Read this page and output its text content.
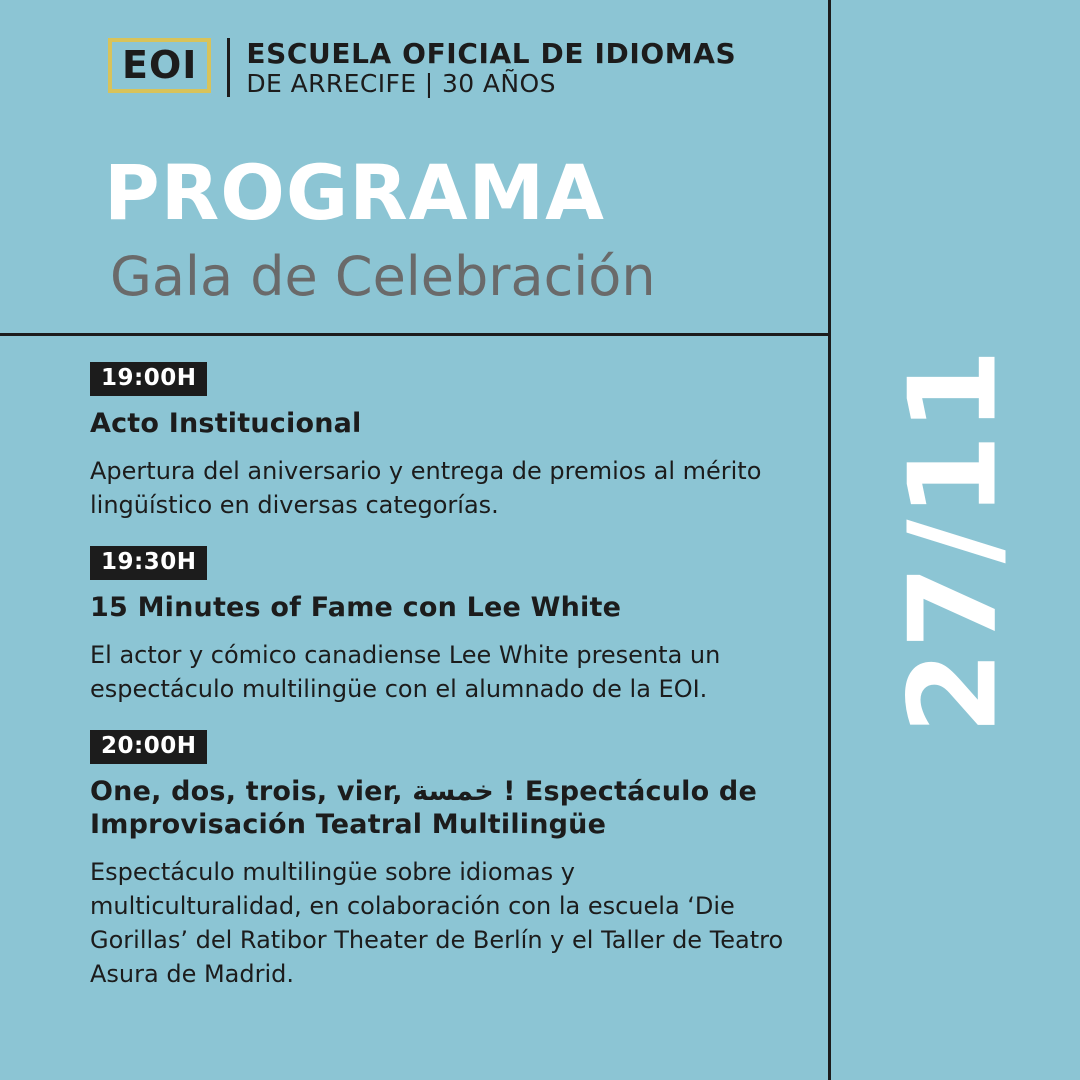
EOI ESCUELA OFICIAL DE IDIOMAS
DE ARRECIFE | 30 AÑOS
PROGRAMA
Gala de Celebración
19:00H
Acto Institucional
Apertura del aniversario y entrega de premios al mérito lingüístico en diversas categorías.
19:30H
15 Minutes of Fame con Lee White
El actor y cómico canadiense Lee White presenta un espectáculo multilingüe con el alumnado de la EOI.
20:00H
One, dos, trois, vier, خمسة ! Espectáculo de Improvisación Teatral Multilingüe
Espectáculo multilingüe sobre idiomas y multiculturalidad, en colaboración con la escuela ‘Die Gorillas’ del Ratibor Theater de Berlín y el Taller de Teatro Asura de Madrid.
27/11
